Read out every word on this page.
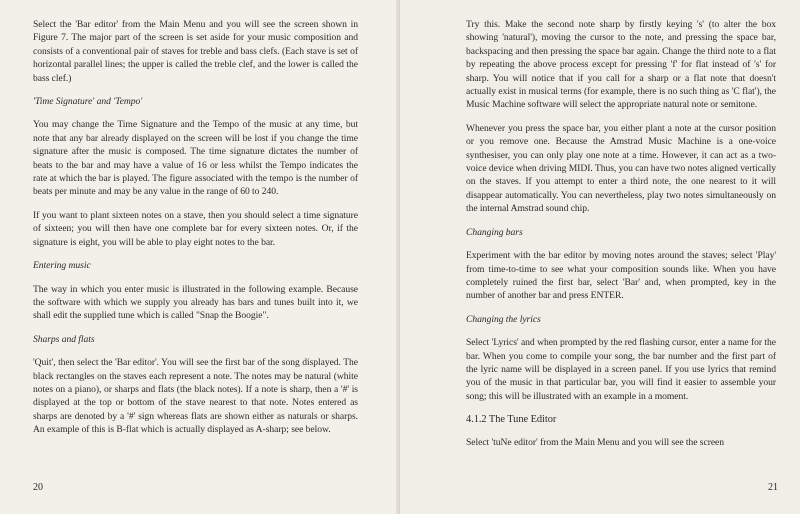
Select the 'Bar editor' from the Main Menu and you will see the screen shown in Figure 7. The major part of the screen is set aside for your music composition and consists of a conventional pair of staves for treble and bass clefs. (Each stave is set of horizontal parallel lines; the upper is called the treble clef, and the lower is called the bass clef.)

'Time Signature' and 'Tempo'

You may change the Time Signature and the Tempo of the music at any time, but note that any bar already displayed on the screen will be lost if you change the time signature after the music is composed. The time signature dictates the number of beats to the bar and may have a value of 16 or less whilst the Tempo indicates the rate at which the bar is played. The figure associated with the tempo is the number of beats per minute and may be any value in the range of 60 to 240.

If you want to plant sixteen notes on a stave, then you should select a time signature of sixteen; you will then have one complete bar for every sixteen notes. Or, if the signature is eight, you will be able to play eight notes to the bar.

Entering music

The way in which you enter music is illustrated in the following example. Because the software with which we supply you already has bars and tunes built into it, we shall edit the supplied tune which is called "Snap the Boogie".

Sharps and flats

'Quit', then select the 'Bar editor'. You will see the first bar of the song displayed. The black rectangles on the staves each represent a note. The notes may be natural (white notes on a piano), or sharps and flats (the black notes). If a note is sharp, then a '#' is displayed at the top or bottom of the stave nearest to that note. Notes entered as sharps are denoted by a '#' sign whereas flats are shown either as naturals or sharps. An example of this is B-flat which is actually displayed as A-sharp; see below.

20

Try this. Make the second note sharp by firstly keying 's' (to alter the box showing 'natural'), moving the cursor to the note, and pressing the space bar, backspacing and then pressing the space bar again. Change the third note to a flat by repeating the above process except for pressing 'f' for flat instead of 's' for sharp. You will notice that if you call for a sharp or a flat note that doesn't actually exist in musical terms (for example, there is no such thing as 'C flat'), the Music Machine software will select the appropriate natural note or semitone.

Whenever you press the space bar, you either plant a note at the cursor position or you remove one. Because the Amstrad Music Machine is a one-voice synthesiser, you can only play one note at a time. However, it can act as a two-voice device when driving MIDI. Thus, you can have two notes aligned vertically on the staves. If you attempt to enter a third note, the one nearest to it will disappear automatically. You can nevertheless, play two notes simultaneously on the internal Amstrad sound chip.

Changing bars

Experiment with the bar editor by moving notes around the staves; select 'Play' from time-to-time to see what your composition sounds like. When you have completely ruined the first bar, select 'Bar' and, when prompted, key in the number of another bar and press ENTER.

Changing the lyrics

Select 'Lyrics' and when prompted by the red flashing cursor, enter a name for the bar. When you come to compile your song, the bar number and the first part of the lyric name will be displayed in a screen panel. If you use lyrics that remind you of the music in that particular bar, you will find it easier to assemble your song; this will be illustrated with an example in a moment.

4.1.2 The Tune Editor

Select 'tuNe editor' from the Main Menu and you will see the screen

21
